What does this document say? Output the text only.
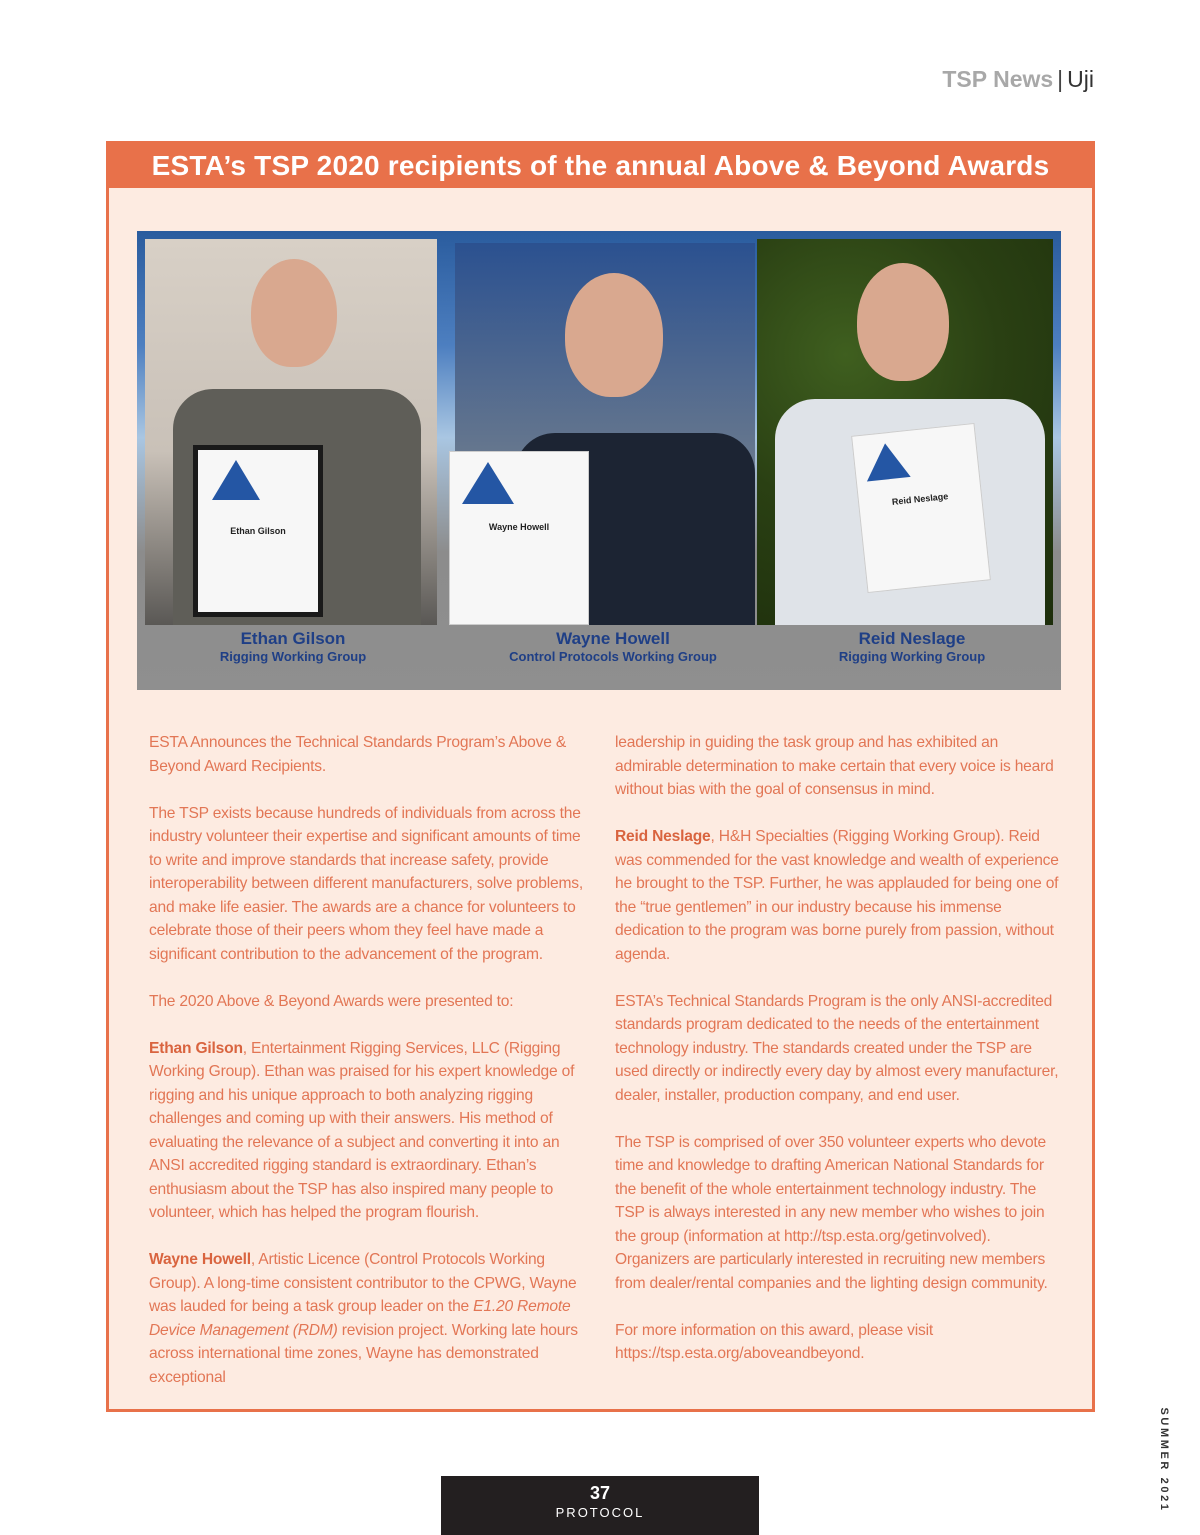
TSP News | Uji
ESTA’s TSP 2020 recipients of the annual Above & Beyond Awards
Ethan Gilson	Wayne Howell
Reid Neslage
Ethan Gilson
Rigging Working Group
Wayne Howell
Control Protocols Working Group
Reid Neslage
Rigging Working Group

ESTA Announces the Technical Standards Program’s Above & Beyond Award Recipients.

The TSP exists because hundreds of individuals from across the industry volunteer their expertise and significant amounts of time to write and improve standards that increase safety, provide interoperability between different manufacturers, solve problems, and make life easier. The awards are a chance for volunteers to celebrate those of their peers whom they feel have made a significant contribution to the advancement of the program.

The 2020 Above & Beyond Awards were presented to:

Ethan Gilson, Entertainment Rigging Services, LLC (Rigging Working Group). Ethan was praised for his expert knowledge of rigging and his unique approach to both analyzing rigging challenges and coming up with their answers. His method of evaluating the relevance of a subject and converting it into an ANSI accredited rigging standard is extraordinary. Ethan’s enthusiasm about the TSP has also inspired many people to volunteer, which has helped the program flourish.

Wayne Howell, Artistic Licence (Control Protocols Working Group). A long-time consistent contributor to the CPWG, Wayne was lauded for being a task group leader on the E1.20 Remote Device Management (RDM) revision project. Working late hours across international time zones, Wayne has demonstrated exceptional

leadership in guiding the task group and has exhibited an admirable determination to make certain that every voice is heard without bias with the goal of consensus in mind.

Reid Neslage, H&H Specialties (Rigging Working Group). Reid was commended for the vast knowledge and wealth of experience he brought to the TSP. Further, he was applauded for being one of the “true gentlemen” in our industry because his immense dedication to the program was borne purely from passion, without agenda.

ESTA’s Technical Standards Program is the only ANSI-accredited standards program dedicated to the needs of the entertainment technology industry. The standards created under the TSP are used directly or indirectly every day by almost every manufacturer, dealer, installer, production company, and end user.

The TSP is comprised of over 350 volunteer experts who devote time and knowledge to drafting American National Standards for the benefit of the whole entertainment technology industry. The TSP is always interested in any new member who wishes to join the group (information at http://tsp.esta.org/getinvolved). Organizers are particularly interested in recruiting new members from dealer/rental companies and the lighting design community.

For more information on this award, please visit https://tsp.esta.org/aboveandbeyond.

SUMMER 2021
37
PROTOCOL
